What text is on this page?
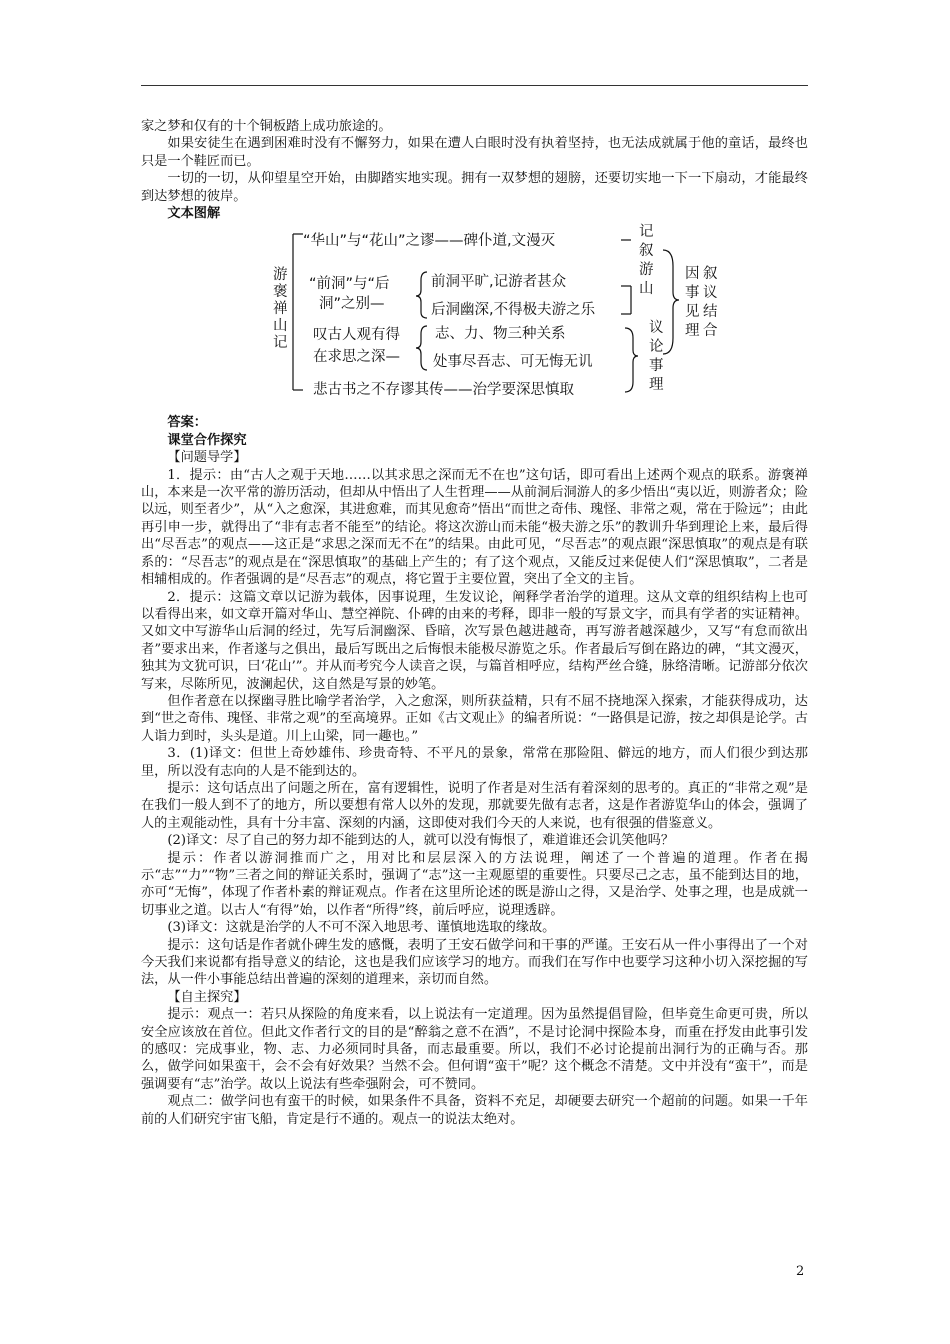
家之梦和仅有的十个铜板踏上成功旅途的。

如果安徒生在遇到困难时没有不懈努力，如果在遭人白眼时没有执着坚持，也无法成就属于他的童话，最终也只是一个鞋匠而已。

一切的一切，从仰望星空开始，由脚踏实地实现。拥有一双梦想的翅膀，还要切实地一下一下扇动，才能最终到达梦想的彼岸。

文本图解
游 褒 禅 山 记
“华山”与“花山”之谬——碑仆道,文漫灭
“前洞”与“后
洞”之别—
前洞平旷,记游者甚众
后洞幽深,不得极夫游之乐
叹古人观有得
在求思之深—
志、力、物三种关系
处事尽吾志、可无悔无讥
悲古书之不存谬其传——治学要深思慎取
记 叙 游 山
议 论 事 理
因 事 见 理
叙 议 结 合
答案：
课堂合作探究

【问题导学】

1．提示：由“古人之观于天地……以其求思之深而无不在也”这句话，即可看出上述两个观点的联系。游褒禅山，本来是一次平常的游历活动，但却从中悟出了人生哲理——从前洞后洞游人的多少悟出“夷以近，则游者众；险以远，则至者少”，从“入之愈深，其进愈难，而其见愈奇”悟出“而世之奇伟、瑰怪、非常之观，常在于险远”；由此再引申一步，就得出了“非有志者不能至”的结论。将这次游山而未能“极夫游之乐”的教训升华到理论上来，最后得出“尽吾志”的观点——这正是“求思之深而无不在”的结果。由此可见，“尽吾志”的观点跟“深思慎取”的观点是有联系的：“尽吾志”的观点是在“深思慎取”的基础上产生的；有了这个观点，又能反过来促使人们“深思慎取”，二者是相辅相成的。作者强调的是“尽吾志”的观点，将它置于主要位置，突出了全文的主旨。

2．提示：这篇文章以记游为载体，因事说理，生发议论，阐释学者治学的道理。这从文章的组织结构上也可以看得出来，如文章开篇对华山、慧空禅院、仆碑的由来的考释，即非一般的写景文字，而具有学者的实证精神。又如文中写游华山后洞的经过，先写后洞幽深、昏暗，次写景色越进越奇，再写游者越深越少，又写“有怠而欲出者”要求出来，作者遂与之俱出，最后写既出之后悔恨未能极尽游览之乐。作者最后写倒在路边的碑，“其文漫灭，独其为文犹可识，曰‘花山’”。并从而考究今人读音之误，与篇首相呼应，结构严丝合缝，脉络清晰。记游部分依次写来，尽陈所见，波澜起伏，这自然是写景的妙笔。

但作者意在以探幽寻胜比喻学者治学，入之愈深，则所获益精，只有不屈不挠地深入探索，才能获得成功，达到“世之奇伟、瑰怪、非常之观”的至高境界。正如《古文观止》的编者所说：“一路俱是记游，按之却俱是论学。古人诣力到时，头头是道。川上山梁，同一趣也。”

3．(1)译文：但世上奇妙雄伟、珍贵奇特、不平凡的景象，常常在那险阻、僻远的地方，而人们很少到达那里，所以没有志向的人是不能到达的。

提示：这句话点出了问题之所在，富有逻辑性，说明了作者是对生活有着深刻的思考的。真正的“非常之观”是在我们一般人到不了的地方，所以要想有常人以外的发现，那就要先做有志者，这是作者游览华山的体会，强调了人的主观能动性，具有十分丰富、深刻的内涵，这即使对我们今天的人来说，也有很强的借鉴意义。

(2)译文：尽了自己的努力却不能到达的人，就可以没有悔恨了，难道谁还会讥笑他吗？

提示：作者以游洞推而广之，用对比和层层深入的方法说理，阐述了一个普遍的道理。作者在揭示“志”“力”“物”三者之间的辩证关系时，强调了“志”这一主观愿望的重要性。只要尽己之志，虽不能到达目的地，亦可“无悔”，体现了作者朴素的辩证观点。作者在这里所论述的既是游山之得，又是治学、处事之理，也是成就一切事业之道。以古人“有得”始，以作者“所得”终，前后呼应，说理透辟。

(3)译文：这就是治学的人不可不深入地思考、谨慎地选取的缘故。

提示：这句话是作者就仆碑生发的感慨，表明了王安石做学问和干事的严谨。王安石从一件小事得出了一个对今天我们来说都有指导意义的结论，这也是我们应该学习的地方。而我们在写作中也要学习这种小切入深挖掘的写法，从一件小事能总结出普遍的深刻的道理来，亲切而自然。

【自主探究】

提示：观点一：若只从探险的角度来看，以上说法有一定道理。因为虽然提倡冒险，但毕竟生命更可贵，所以安全应该放在首位。但此文作者行文的目的是“醉翁之意不在酒”，不是讨论洞中探险本身，而重在抒发由此事引发的感叹：完成事业，物、志、力必须同时具备，而志最重要。所以，我们不必讨论提前出洞行为的正确与否。那么，做学问如果蛮干，会不会有好效果？当然不会。但何谓“蛮干”呢？这个概念不清楚。文中并没有“蛮干”，而是强调要有“志”治学。故以上说法有些牵强附会，可不赞同。

观点二：做学问也有蛮干的时候，如果条件不具备，资料不充足，却硬要去研究一个超前的问题。如果一千年前的人们研究宇宙飞船，肯定是行不通的。观点一的说法太绝对。

2
